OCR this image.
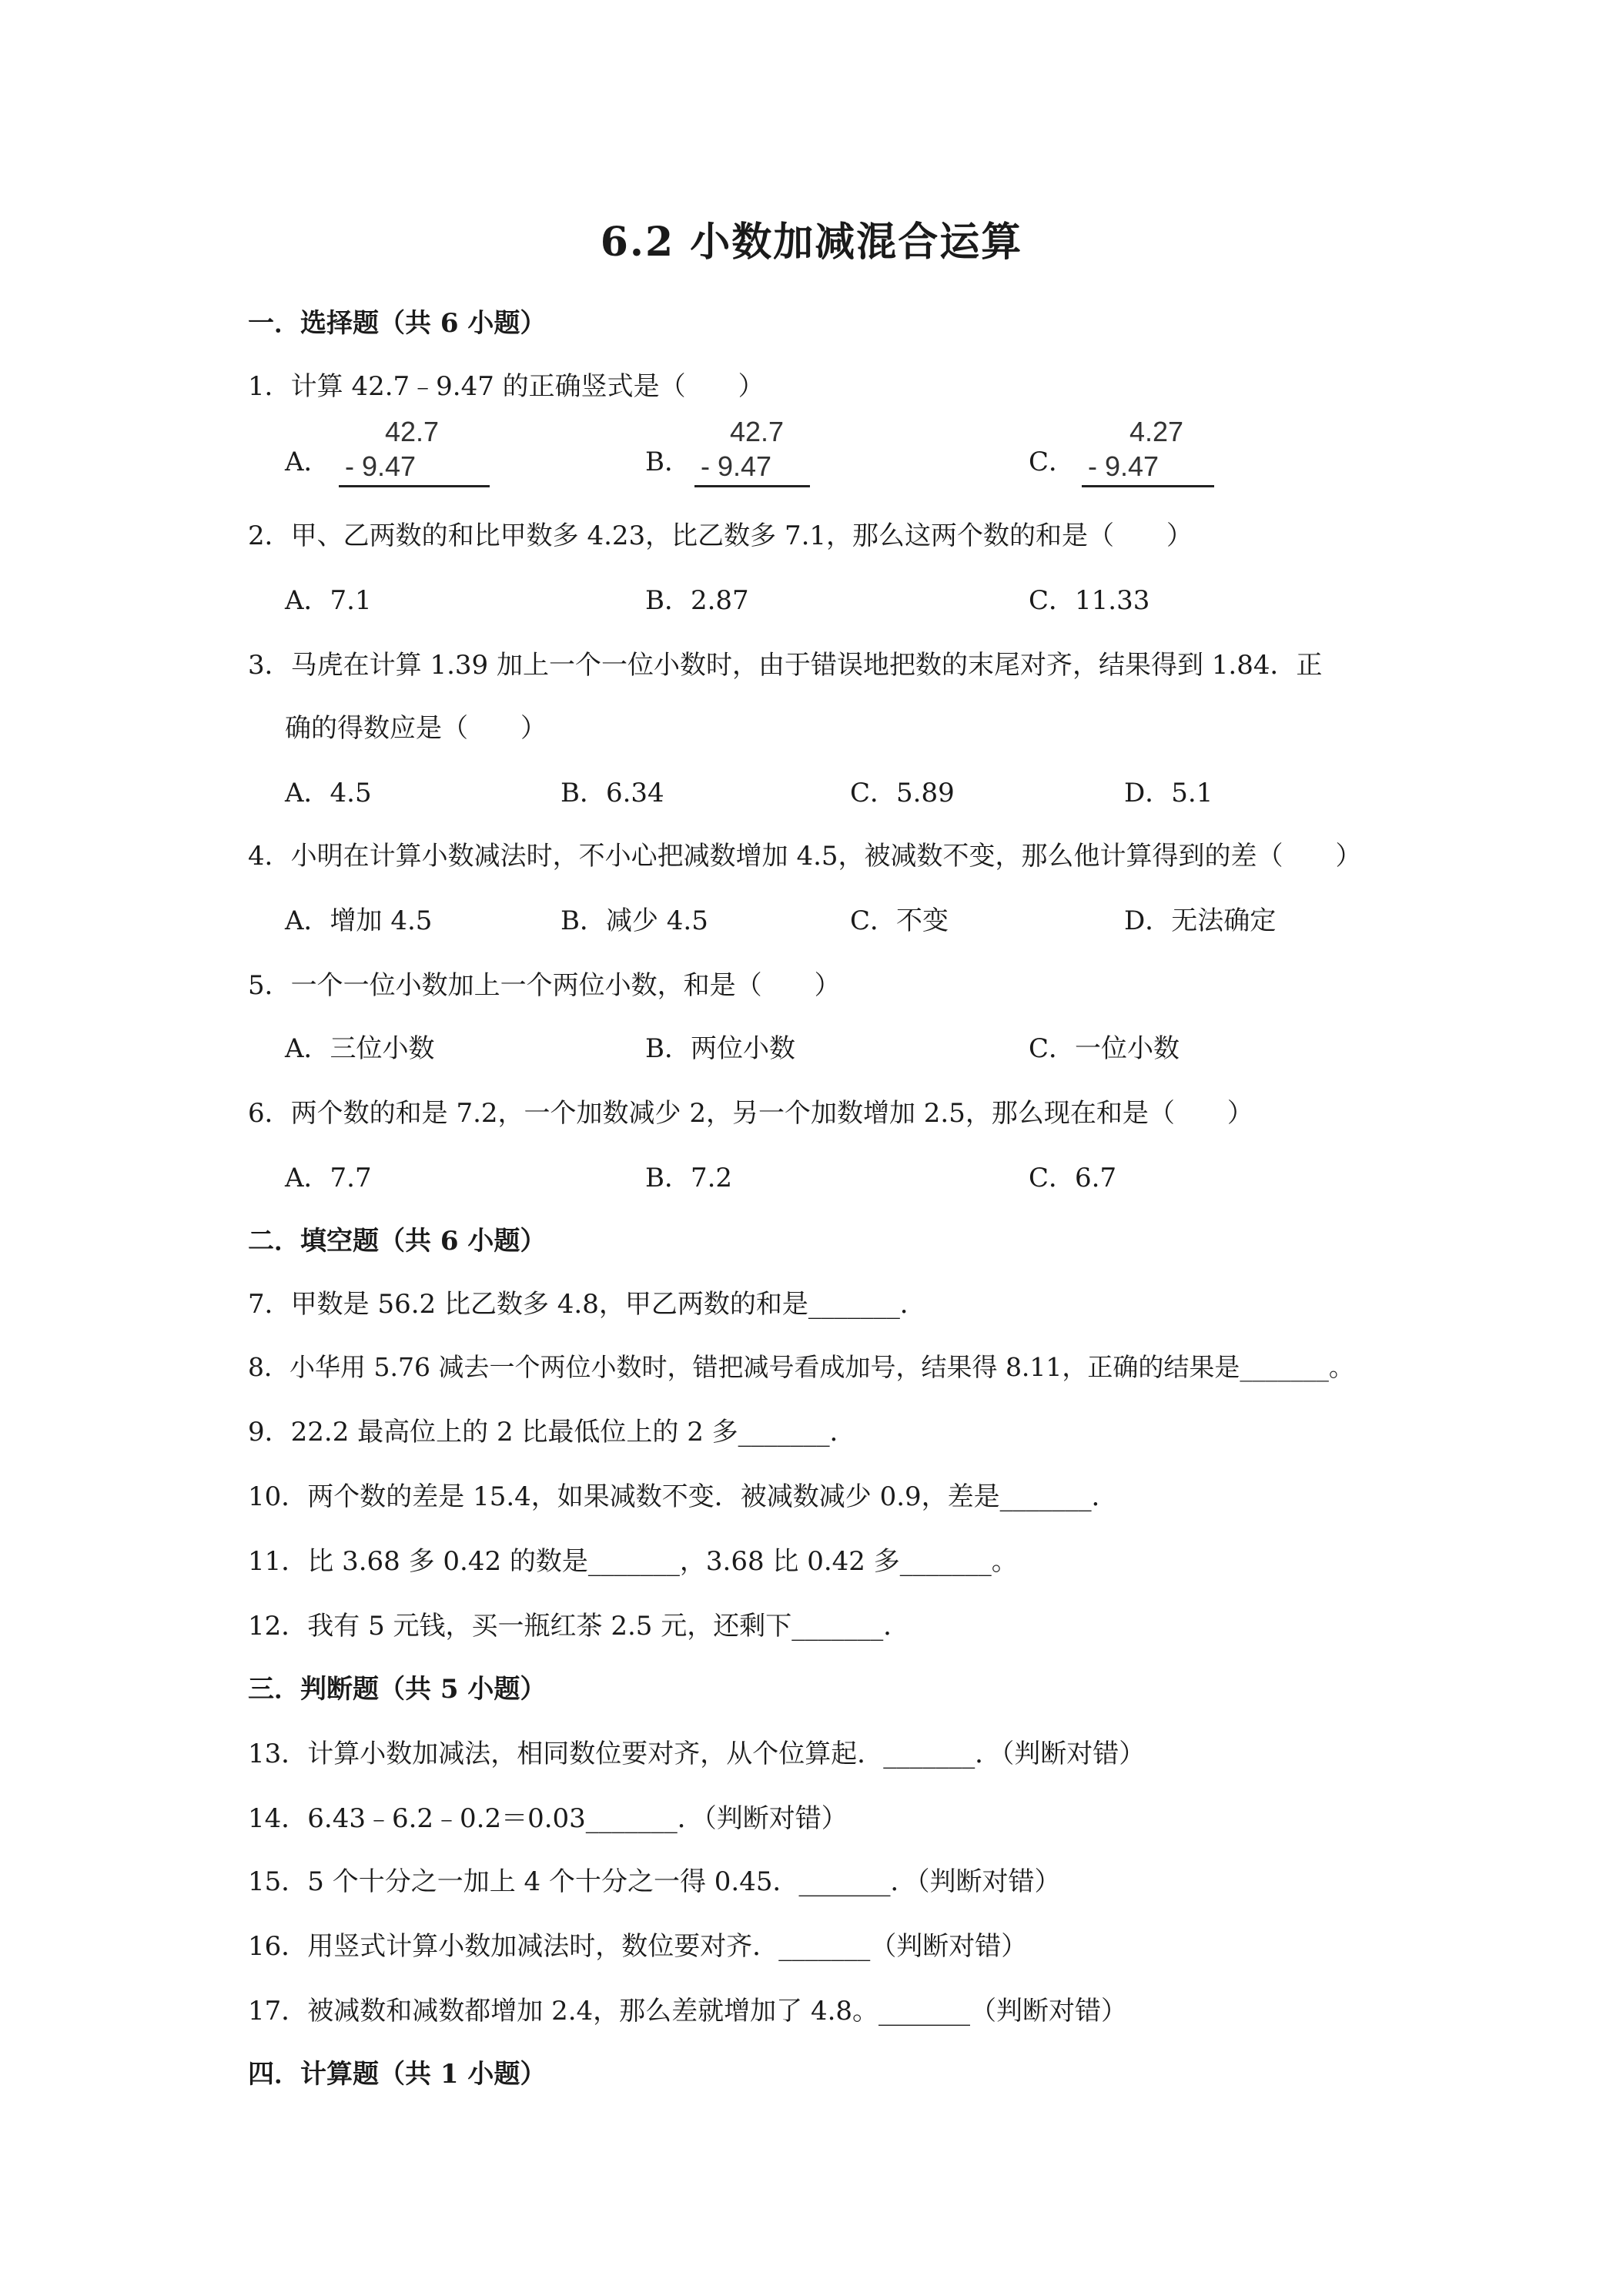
6.2 小数加减混合运算
一．选择题（共 6 小题）
1．计算 42.7﹣9.47 的正确竖式是（　　）
A．
42.7
- 9.47	B．
42.7
- 9.47	C．
4.27
- 9.47
2．甲、乙两数的和比甲数多 4.23，比乙数多 7.1，那么这两个数的和是（　　）
A．7.1	B．2.87	C．11.33
3．马虎在计算 1.39 加上一个一位小数时，由于错误地把数的末尾对齐，结果得到 1.84．正
确的得数应是（　　）
A．4.5	B．6.34	C．5.89	D．5.1
4．小明在计算小数减法时，不小心把减数增加 4.5，被减数不变，那么他计算得到的差（　　）
A．增加 4.5	B．减少 4.5	C．不变	D．无法确定
5．一个一位小数加上一个两位小数，和是（　　）
A．三位小数	B．两位小数	C．一位小数
6．两个数的和是 7.2，一个加数减少 2，另一个加数增加 2.5，那么现在和是（　　）
A．7.7	B．7.2	C．6.7
二．填空题（共 6 小题）
7．甲数是 56.2 比乙数多 4.8，甲乙两数的和是_______．
8．小华用 5.76 减去一个两位小数时，错把减号看成加号，结果得 8.11，正确的结果是_______。
9．22.2 最高位上的 2 比最低位上的 2 多_______．
10．两个数的差是 15.4，如果减数不变．被减数减少 0.9，差是_______．
11．比 3.68 多 0.42 的数是_______，3.68 比 0.42 多_______。
12．我有 5 元钱，买一瓶红茶 2.5 元，还剩下_______．
三．判断题（共 5 小题）
13．计算小数加减法，相同数位要对齐，从个位算起．_______．（判断对错）
14．6.43﹣6.2﹣0.2＝0.03_______．（判断对错）
15．5 个十分之一加上 4 个十分之一得 0.45．_______．（判断对错）
16．用竖式计算小数加减法时，数位要对齐．_______（判断对错）
17．被减数和减数都增加 2.4，那么差就增加了 4.8。_______（判断对错）
四．计算题（共 1 小题）
